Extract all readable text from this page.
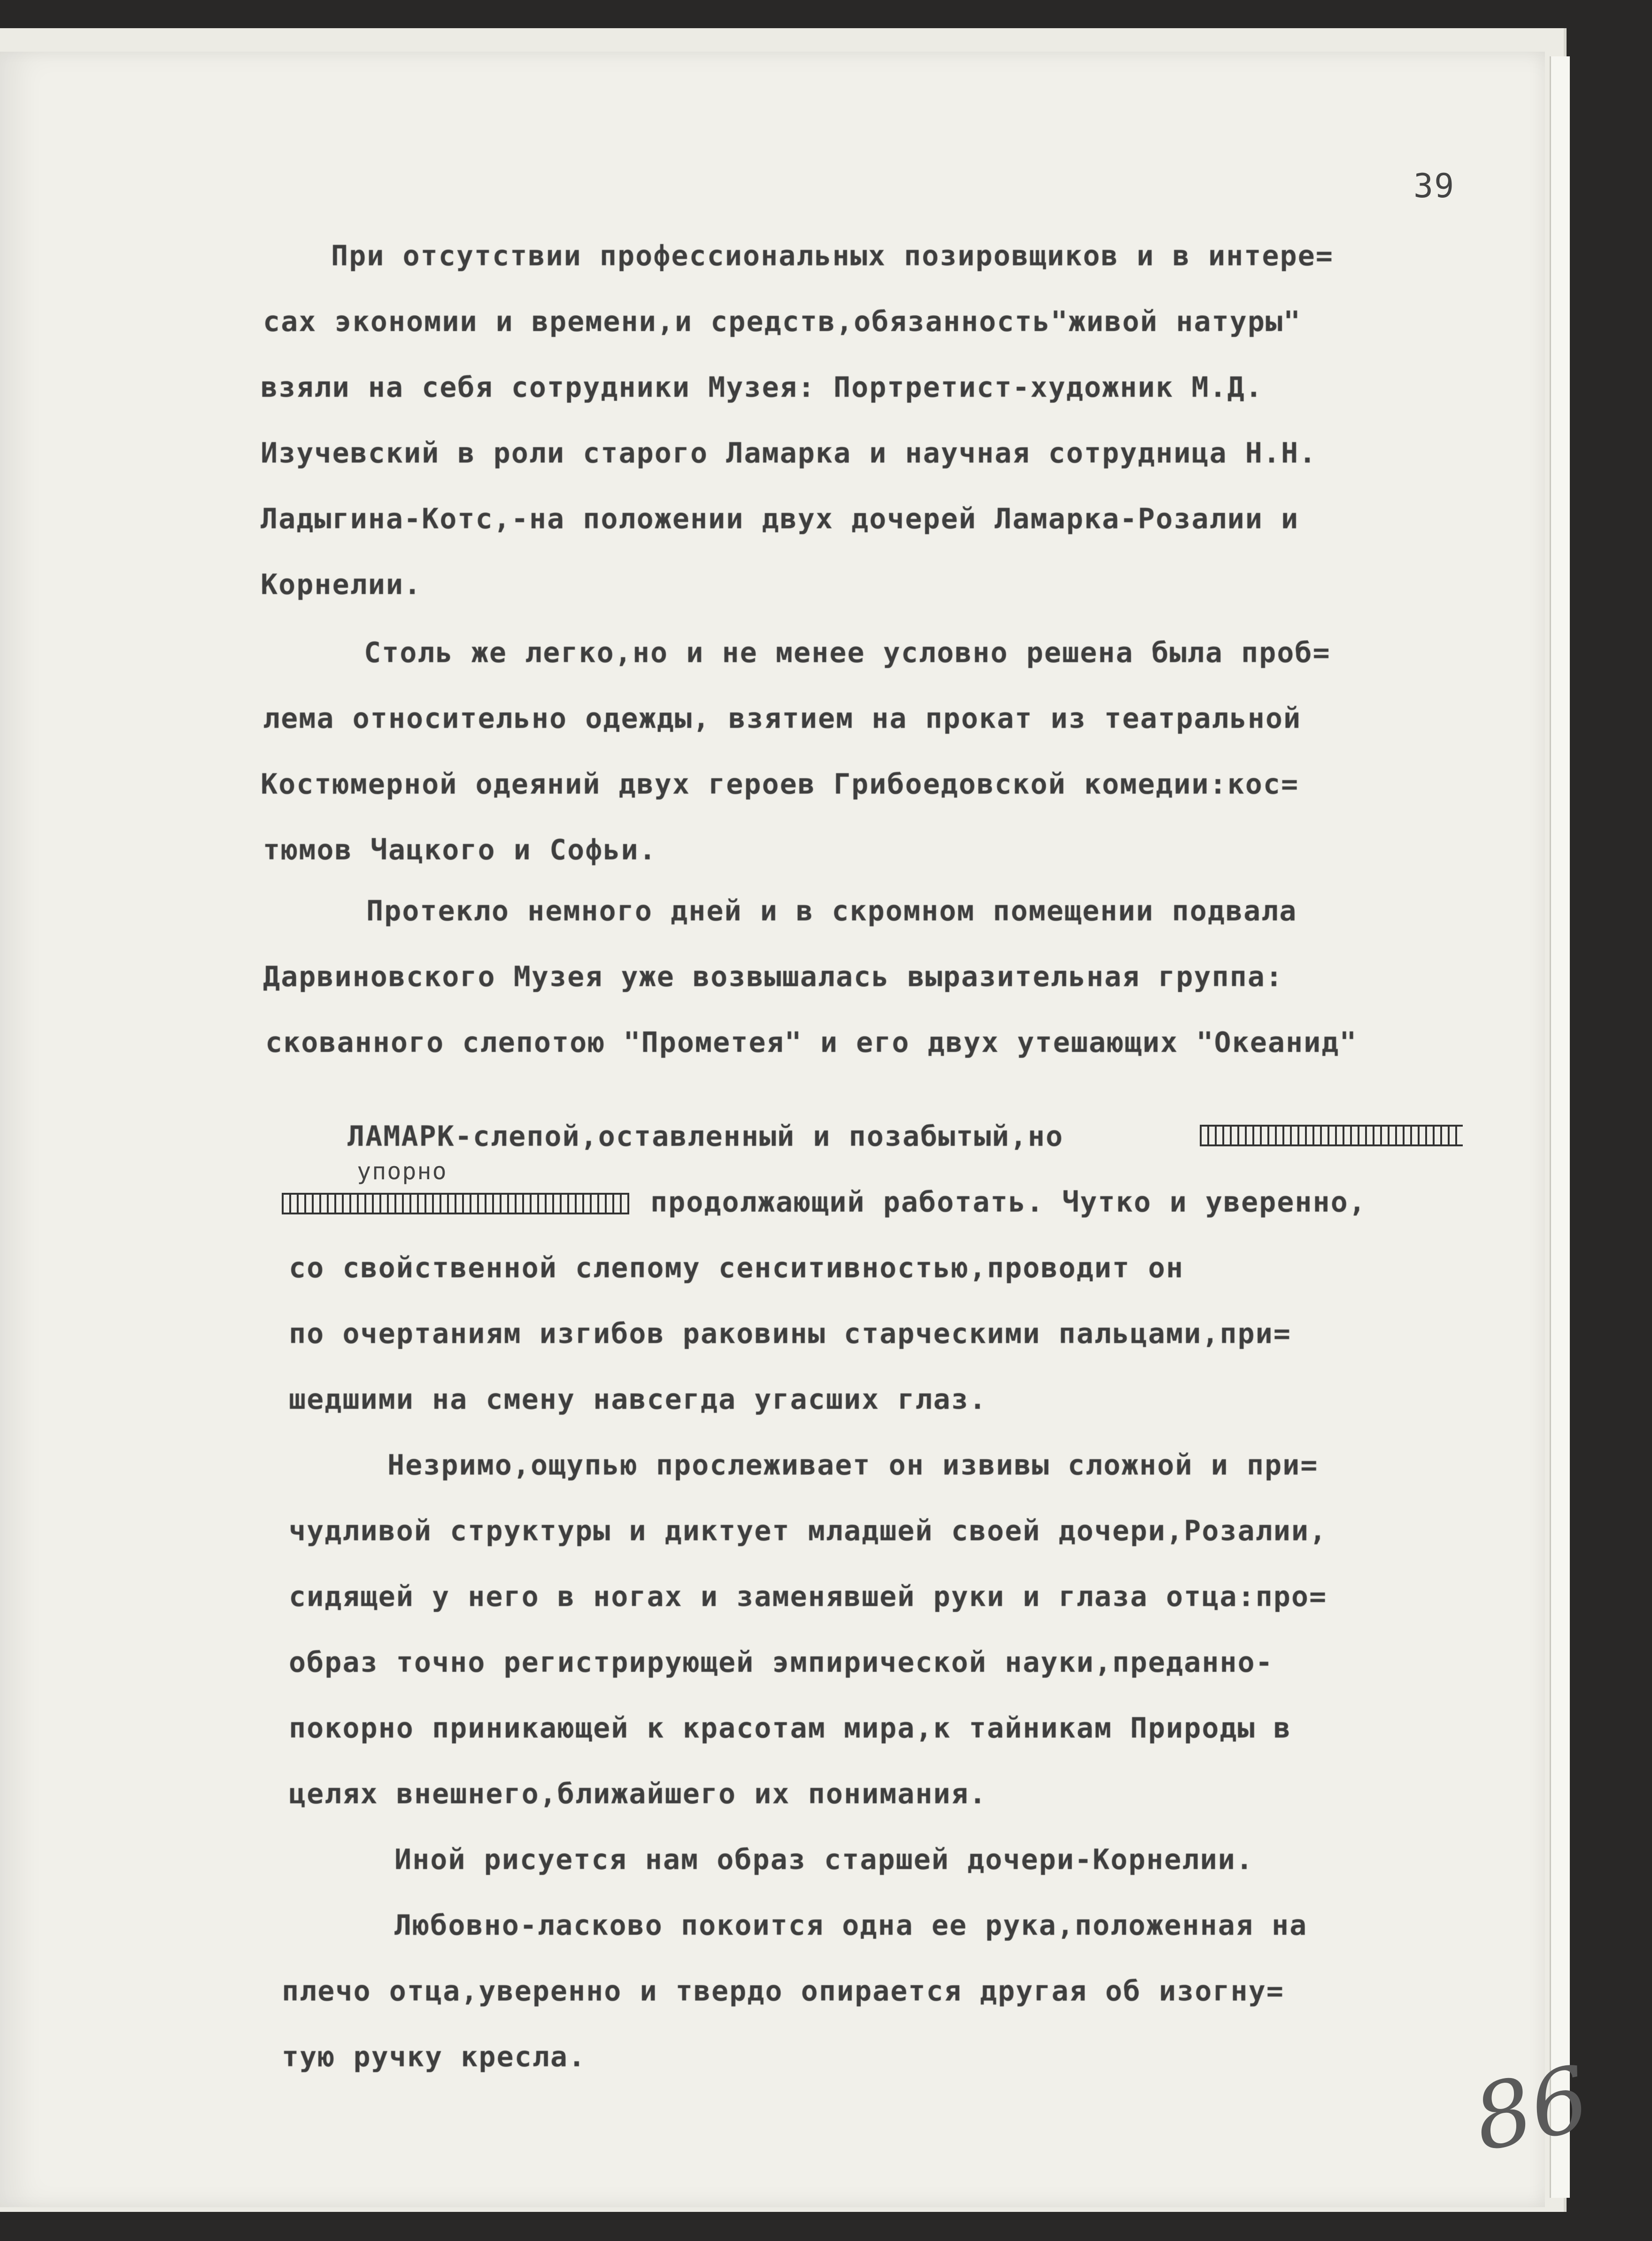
39
При отсутствии профессиональных позировщиков и в интере=
сах экономии и времени,и средств,обязанность"живой натуры"
взяли на себя сотрудники Музея: Портретист-художник М.Д.
Изучевский в роли старого Ламарка и научная сотрудница Н.Н.
Ладыгина-Котс,-на положении двух дочерей Ламарка-Розалии и
Корнелии.
Столь же легко,но и не менее условно решена была проб=
лема относительно одежды, взятием на прокат из театральной
Костюмерной одеяний двух героев Грибоедовской комедии:кос=
тюмов Чацкого и Софьи.
Протекло немного дней и в скромном помещении подвала
Дарвиновского Музея уже возвышалась выразительная группа:
скованного слепотою "Прометея" и его двух утешающих "Океанид"
ЛАМАРК-слепой,оставленный и позабытый,но
упорно
продолжающий работать. Чутко и уверенно,
со свойственной слепому сенситивностью,проводит он
по очертаниям изгибов раковины старческими пальцами,при=
шедшими на смену навсегда угасших глаз.
Незримо,ощупью прослеживает он извивы сложной и при=
чудливой структуры и диктует младшей своей дочери,Розалии,
сидящей у него в ногах и заменявшей руки и глаза отца:про=
образ точно регистрирующей эмпирической науки,преданно-
покорно приникающей к красотам мира,к тайникам Природы в
целях внешнего,ближайшего их понимания.
Иной рисуется нам образ старшей дочери-Корнелии.
Любовно-ласково покоится одна ее рука,положенная на
плечо отца,уверенно и твердо опирается другая об изогну=
тую ручку кресла.	86
